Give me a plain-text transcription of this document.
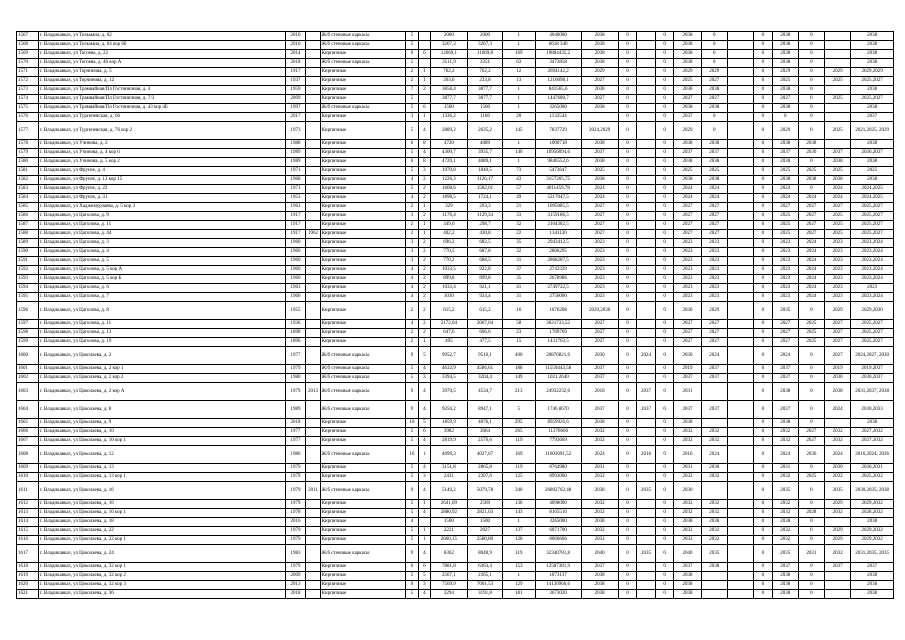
1567	г. Владикавказ, ул Тельмана, д. 62	2010		Ж/б стеновые каркасы	5		2000	2000	1	4040000	2038	0		0	2038	0		0	2038	0		2038
1568	г. Владикавказ, ул Тельмана, д. 64 кор 6б	2010		Ж/б стеновые каркасы	5		3267,3	3267,3	1	6618 340	2038	0		0	2038	0		0	2038	0		2038
1569	г. Владикавказ, ул Тогоева, д. 22	2014		Кирпичные	9	6	12669,1	11669,8	169	19884435,2	2038	0		0	2038	0		0	2038	0		2038
1570	г. Владикавказ, ул Тогоева, д. 46 кор А	2018		Ж/б стеновые каркасы	5		3511,9	3351	63	3473858	2038	0		0	2038	0		0	2038	0		2038
1571	г. Владикавказ, ул Торчинова, д. 5	1917		Кирпичные	2	1	762,2	762,2	12	2694142,2	2029	0		0	2029	2029		0	2029	0	2029	2029,2029
1572	г. Владикавказ, ул Торчинова, д. 12	1937		Кирпичные	2	1	263,6	233,8	13	1216098,1	2027	0		0	2025	2027		0	2025	0	2025	2025,2027
1573	г. Владикавказ, ул Трамвайная/Пл Гостиничная, д. 3	1959		Кирпичные	7	2	3858,4	3877,7	1	841565,6	2038	0		0	2038	2038		0	2038	0		2038
1574	г. Владикавказ, ул Трамвайная/Пл Гостиничная, д. 7/3	2009		Кирпичные	5		3877,7	3877,7	1	1447680,7	2027	0		0	2027	2027		0	2027	0	2025	2025,2027
1575	г. Владикавказ, ул Трамвайная/Пл Гостиничная, д. 43 кор 4Б	1997		Ж/б стеновые каркасы	5	6	1500	1500	1	3265000	2038	0		0	2038	2038		0	2038	0		2038
1576	г. Владикавказ, ул Тургенeвская, д. 66	2017		Кирпичные	3	1	1336,2	1166	20	1132544		0		0	2037	0		0	0	0		2037
1577	г. Владикавказ, ул Тургеневская, д. 76 кор 2	1973		Кирпичные	5	4	2889,2	2635,2	145	7837729	2024,2029	0		0	2029	0		0	2029	0	2025	2021,2025, 2029
1578	г. Владикавказ, ул Учинова, д. 2	1988		Кирпичные	6	8	4720	4089	1	1000718	2038	0		0	2038	2038		0	2038	2038		2038
1579	г. Владикавказ, ул Учинова, д. 4 кор 6	1989		Кирпичные	5	4	4300,7	3935,7	140	10956094,6	2037	0		0	2037	2037		0	2037	2030	2037	2030,2037
1580	г. Владикавказ, ул Учинова, д. 5 кор 2	1989		Кирпичные	6	8	4720,1	4089,1	1	9846552,6	2038	0		0	2038	2038		0	2038	0	2038	2038
1581	г. Владикавказ, ул Фрунзе, д. 4	1971		Кирпичные	5	3	1970,8	1840,5	73	5473647	2025	0		0	2025	2025		0	2025	2025	2025	2025
1582	г. Владикавказ, ул Фрунзе, д. 13 кор 15	1968		Кирпичные	4	2	1226,3	1126,17	43	3157205,75	2038	0		0	2038	2038		0	2038	2038	2038	2038
1583	г. Владикавказ, ул Фрунзе, д. 22	1971		Кирпичные	5	2	1668,6	1582,01	57	4011459,78	2024	0		0	2024	2024		0	2024	0	2024	2024,2025
1584	г. Владикавказ, ул Фрунзе, д. 31	1953		Кирпичные	4	2	1898,5	1724,1	49	5217047,5	2024	0		0	2024	2024		0	2024	2024	2024	2024,2025
1585	г. Владикавказ, ул Хаджимурзаева, д. 5 кор 3	1963		Кирпичные	2	1	329	293,3	21	1095085,5	2027	0		0	2027	2027		0	2027	2027	2027	2025,2027
1586	г. Владикавказ, ул Цаголова, д. 9	1917		Кирпичные	3	2	1176,4	1129,34	33	3159186,5	2027	0		0	2027	2027		0	2025	2027	2025	2025,2027
1587	г. Владикавказ, ул Цаголова, д. 11	1917		Кирпичные	2	1	349,6	298,7	32	2104382,5	2027	0		0	2027	2027		0	2025	2027	2025	2025,2027
1588	г. Владикавказ, ул Цаголова, д. 44	1917	1962	Кирпичные	2	1	402,2	430,8	22	1341130	2027	0		0	2027	2027		0	2025	2027	2025	2025,2027
1589	г. Владикавказ, ул Цаголова, д. 3	1960		Кирпичные	3	2	696,2	682,5	35	2943412,5	2023	0		0	2023	2023		0	2023	2024	2023	2023,2024
1590	г. Владикавказ, ул Цаголова, д. 4	1960		Кирпичные	3	2	770,5	687,8	32	2806295	2023	0		0	2023	2023		0	2023	2024	2023	2023,2024
1591	г. Владикавказ, ул Цаголова, д. 5	1960		Кирпичные	3	2	770,2	688,5	31	2868287,5	2023	0		0	2023	2023		0	2023	2024	2023	2023,2024
1592	г. Владикавказ, ул Цаголова, д. 5 кор А	1960		Кирпичные	4	2	1033,5	922,8	37	2743339	2023	0		0	2023	2023		0	2023	2024	2023	2023,2024
1593	г. Владикавказ, ул Цаголова, д. 5 кор Б	1960		Кирпичные	4	2	899,8	899,8	35	2678986	2023	0		0	2023	2023		0	2023	2024	2023	2023,2024
1594	г. Владикавказ, ул Цаголова, д. 6	1963		Кирпичные	4	2	1033,4	921,1	41	2749722,5	2023	0		0	2023	2023		0	2023	2024	2023	2023
1595	г. Владикавказ, ул Цаголова, д. 7	1960		Кирпичные	4	2	1030	924,4	31	2750000	2023	0		0	2023	2023		0	2023	2024	2023	2023,2024
1596	г. Владикавказ, ул Цаголова, д. 8	1955		Кирпичные	2	2	615,2	615,2	16	1676208	2029,2030	0		0	2030	2029		0	2035	0	2029	2029,2030
1597	г. Владикавказ, ул Цаголова, д. 11	1936		Кирпичные	4	2	2172,64	2007,04	58	3021733,52	2027	0		0	2027	2027		0	2027	2025	2027	2025,2027
1598	г. Владикавказ, ул Цаголова, д. 13	1898		Кирпичные	2	2	647,6	606,6	23	1789769	2027	0		0	2027	2027		0	2027	2025	2027	2025,2027
1599	г. Владикавказ, ул Цаголова, д. 19	1896		Кирпичные	2	1	495	477,5	15	1431763,5	2027	0		0	2027	2027		0	2027	2025	2027	2025,2027
1600	г. Владикавказ, ул Цоколаева, д. 2	1977		Ж/б стеновые каркасы	9	5	9952,7	9510,1	400	20876821,6	2030	0	2024	0	2030	2024		0	2024	0	2027	2024,2027, 2030
1601	г. Владикавказ, ул Цоколаева, д. 2 кор 1	1979		Ж/б стеновые каркасы	5	4	4632,9	4586,61	188	11559443,58	2037	0		0	2019	2037		0	2037	0	2019	2019,2037
1602	г. Владикавказ, ул Цоколаева, д. 2 кор 2	1980		Ж/б стеновые каркасы	5	3	3394,5	3204,4	149	1021 2640	2037	0		0	2037	2037		0	2037	0	2030	2030,2037
1603	г. Владикавказ, ул Цоколаева, д. 2 кор А	1979	2013	Ж/б стеновые каркасы	9	4	3970,5	4534,7	213	24932232,6	2018	0	2037	0	2031			0	2038	0	2038	2031,2037, 2038
1604	г. Владикавказ, ул Цоколаева, д. 8	1989		Ж/б стеновые каркасы	9	4	9256,2	8947,1	5	1746 8670	2037	0	2037	0	2037	2037		0	2037	0	2024	2030,2033
1605	г. Владикавказ, ул Цоколаева, д. 9	2018		Кирпичные	10	5	1859,9	4876,1	295	8959926,6	2038	0		0	2038			0	2038	0		2038
1606	г. Владикавказ, ул Цоколаева, д. 10	1977		Кирпичные	5	6	3982	3664	265	11378666	2032	0		0	2032	2032		0	2032	2027	2032	2027,2032
1607	г. Владикавказ, ул Цоколаева, д. 10 кор 1	1977		Кирпичные	5	4	2819,9	2576,6	119	7793669	2032	0		0	2032	2032		0	2032	2027	2032	2027,2032
1608	г. Владикавказ, ул Цоколаева, д. 12	1986		Ж/б стеновые каркасы	16	1	4099,3	4027,67	169	11603091,52	2024	0	2016	0	2016	2024		0	2024	2036	2024	2016,2024, 2036
1609	г. Владикавказ, ул Цоколаева, д. 13	1979		Кирпичные	5	4	3151,8	2865,8	119	8764980	2031	0		0	2031	2030		0	2031	0	2030	2030,2031
1610	г. Владикавказ, ул Цоколаева, д. 13 кор 1	1979		Кирпичные	5	3	2431	2307,6	125	8993060	2032	0		0	2032	2032		0	2032	2025	2032	2025,2032
1611	г. Владикавказ, ул Цоколаева, д. 16	1979	2011	Ж/б стеновые каркасы	9	4	5149,2	5079,78	340	26802762,48	2038	0	2035	0	2030			0	2035	0	2035	2030,2035, 2038
1612	г. Владикавказ, ул Цоколаева, д. 16	1979		Кирпичные	5	1	2641,69	2569	136	4098000	2032	0		0	2032	2032		0	2032	0	2029	2029,2032
1613	г. Владикавказ, ул Цоколаева, д. 16 кор 1	1978		Кирпичные	5	4	2880,92	2821,63	143	8165516	2032	0		0	2032	2032		0	2032	2028	2032	2028,2032
1614	г. Владикавказ, ул Цоколаева, д. 18	2016		Кирпичные	4		1500	1500	1	3265000	2038	0		0	2038	2038		0	2038	0		2038
1615	г. Владикавказ, ул Цоколаева, д. 22	1979		Кирпичные	5	1	2221	2027	137	6071700	2032	0		0	2032	2032		0	2032	0	2029	2029,2032
1616	г. Владикавказ, ул Цоколаева, д. 22 кор 1	1979		Кирпичные	5	1	2660,15	2580,80	128	8066666	2032	0		0	2032	2032		0	2032	0	2029	2029,2032
1617	г. Владикавказ, ул Цоколаева, д. 24	1983		Ж/б стеновые каркасы	9	4	8362	8048,9	319	32340781,8	2040	0	2035	0	2040	2035		0	2035	2031	2032	2031,2035, 2035
1618	г. Владикавказ, ул Цоколаева, д. 32 кор 1	1979		Кирпичные	6	6	7881,8	6363,4	153	12587381,9	2037	0		0	2037	2038		0	2037	0	2037	2037
1619	г. Владикавказ, ул Цоколаева, д. 32 кор 2	2009		Кирпичные	5	5	2567,1	2365,1	1	1073137	2038	0		0	2038			0	2038	0		2038
1620	г. Владикавказ, ул Цоколаева, д. 32 кор 3	2013		Кирпичные	9	3	7569,9	7001,53	129	14130966,6	2038	0		0	2038			0	2038	0		2038
1621	г. Владикавказ, ул Цоколаева, д. 36	2018		Кирпичные	5	4	3294	3191,8	181	3673020	2038	0		0	2038			0	2038	0		2038
